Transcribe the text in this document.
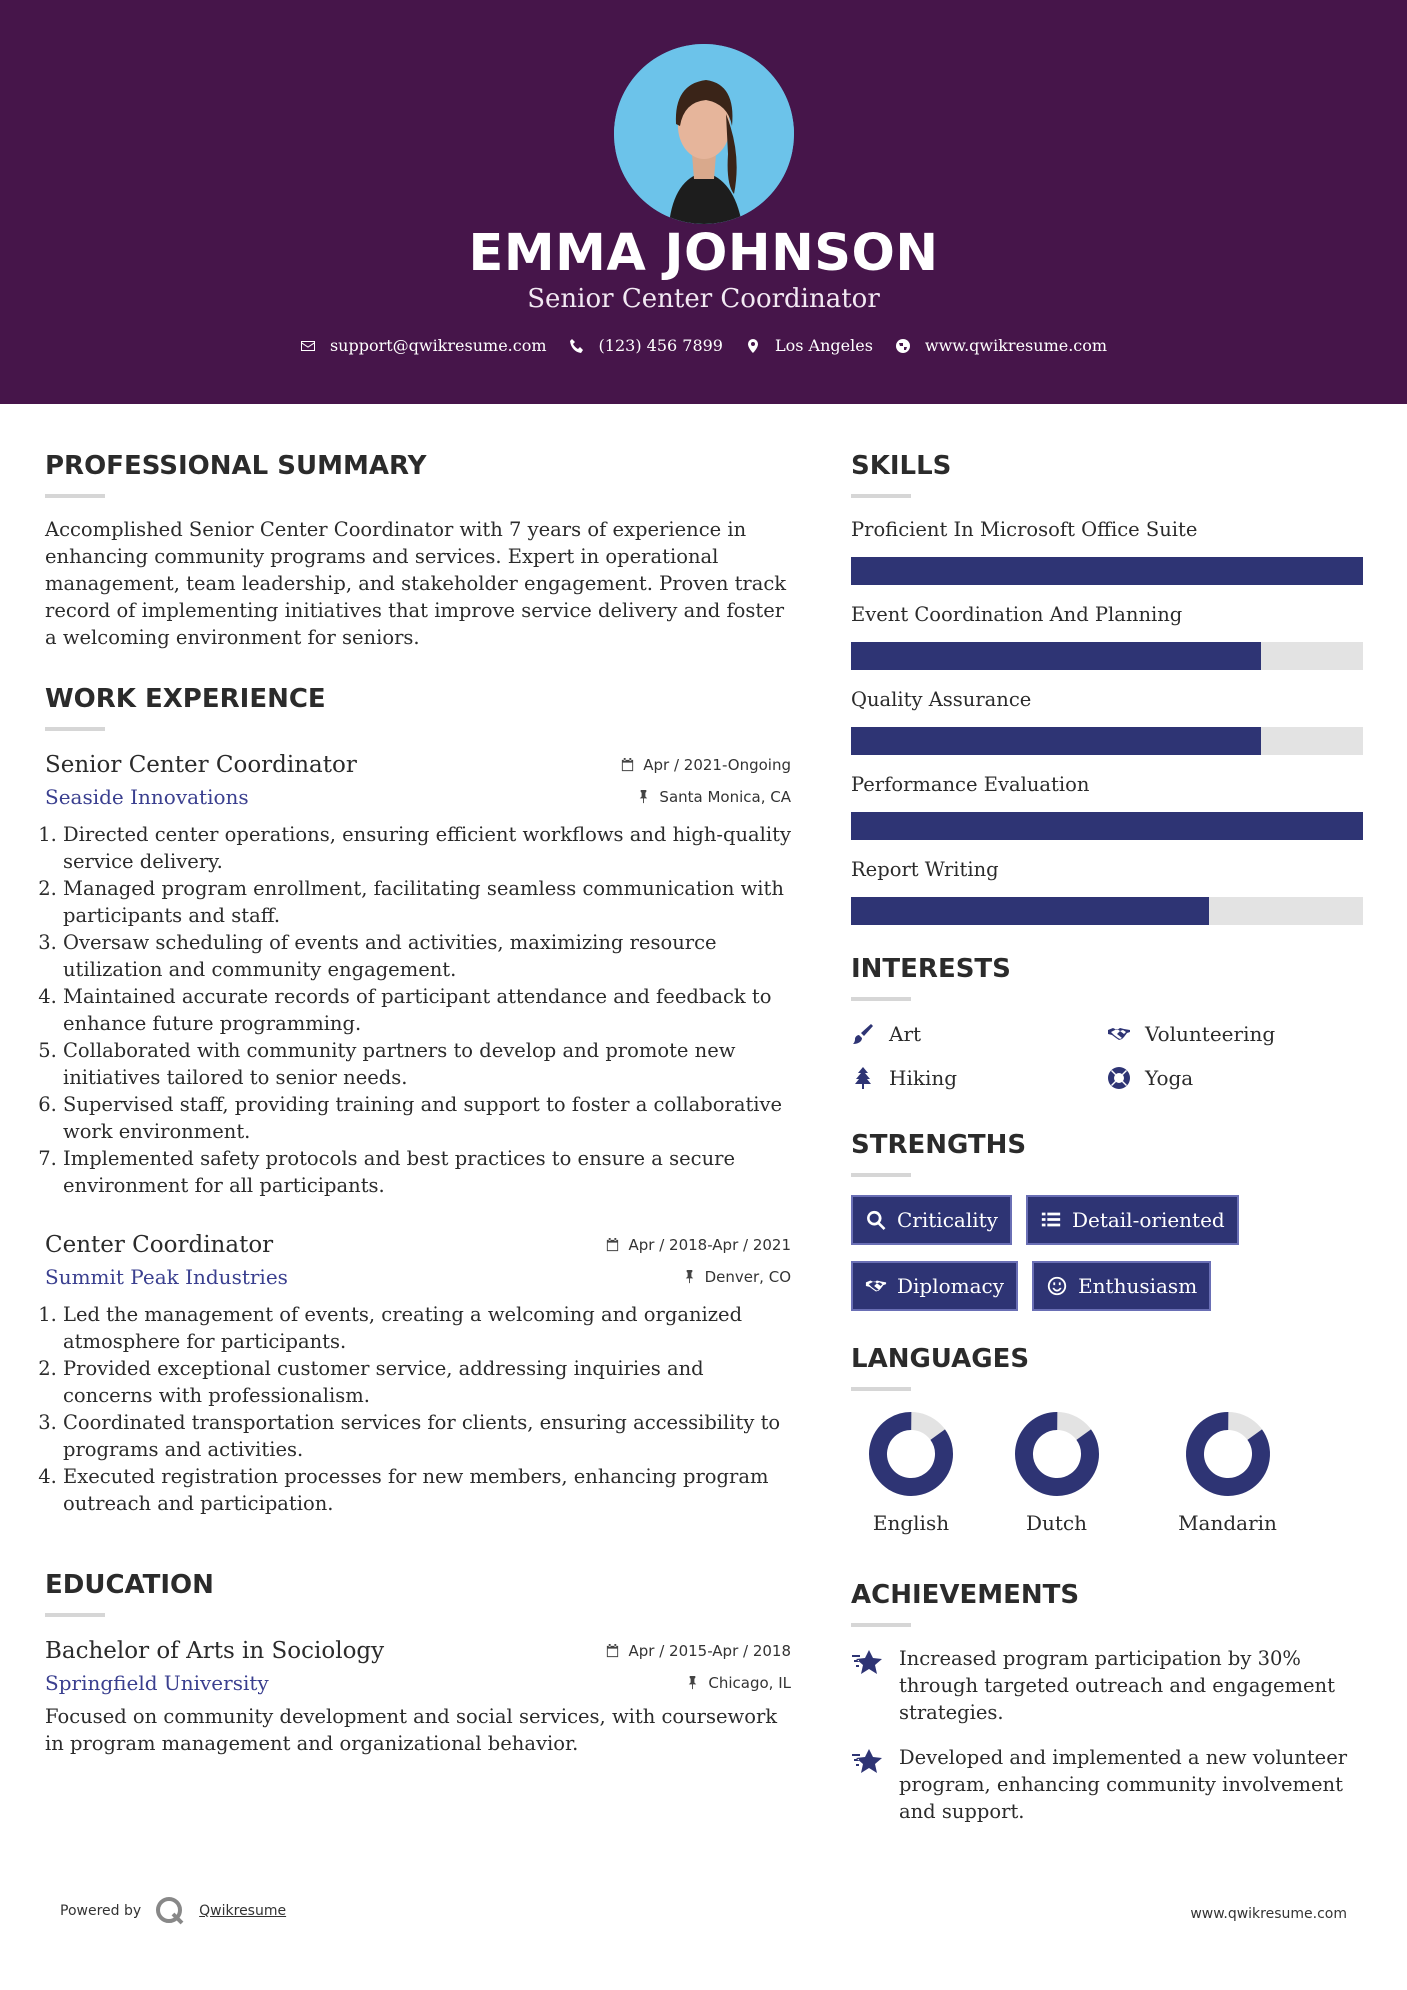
EMMA JOHNSON
Senior Center Coordinator
support@qwikresume.com	(123) 456 7899	Los Angeles	www.qwikresume.com
PROFESSIONAL SUMMARY

Accomplished Senior Center Coordinator with 7 years of experience in enhancing community programs and services. Expert in operational management, team leadership, and stakeholder engagement. Proven track record of implementing initiatives that improve service delivery and foster a welcoming environment for seniors.

WORK EXPERIENCE
Senior Center Coordinator	Apr / 2021-Ongoing
Seaside Innovations	Santa Monica, CA
1. Directed center operations, ensuring efficient workflows and high-quality service delivery.
2. Managed program enrollment, facilitating seamless communication with participants and staff.
3. Oversaw scheduling of events and activities, maximizing resource utilization and community engagement.
4. Maintained accurate records of participant attendance and feedback to enhance future programming.
5. Collaborated with community partners to develop and promote new initiatives tailored to senior needs.
6. Supervised staff, providing training and support to foster a collaborative work environment.
7. Implemented safety protocols and best practices to ensure a secure environment for all participants.
Center Coordinator	Apr / 2018-Apr / 2021
Summit Peak Industries	Denver, CO
1. Led the management of events, creating a welcoming and organized atmosphere for participants.
2. Provided exceptional customer service, addressing inquiries and concerns with professionalism.
3. Coordinated transportation services for clients, ensuring accessibility to programs and activities.
4. Executed registration processes for new members, enhancing program outreach and participation.
EDUCATION
Bachelor of Arts in Sociology	Apr / 2015-Apr / 2018
Springfield University	Chicago, IL

Focused on community development and social services, with coursework in program management and organizational behavior.

SKILLS
Proficient In Microsoft Office Suite
Event Coordination And Planning
Quality Assurance
Performance Evaluation
Report Writing
INTERESTS
Art	Volunteering
Hiking	Yoga
STRENGTHS
Criticality	Detail-oriented
Diplomacy	Enthusiasm
LANGUAGES
English	Dutch	Mandarin
ACHIEVEMENTS
Increased program participation by 30% through targeted outreach and engagement strategies.
Developed and implemented a new volunteer program, enhancing community involvement and support.
Powered by	Qwikresume	www.qwikresume.com
